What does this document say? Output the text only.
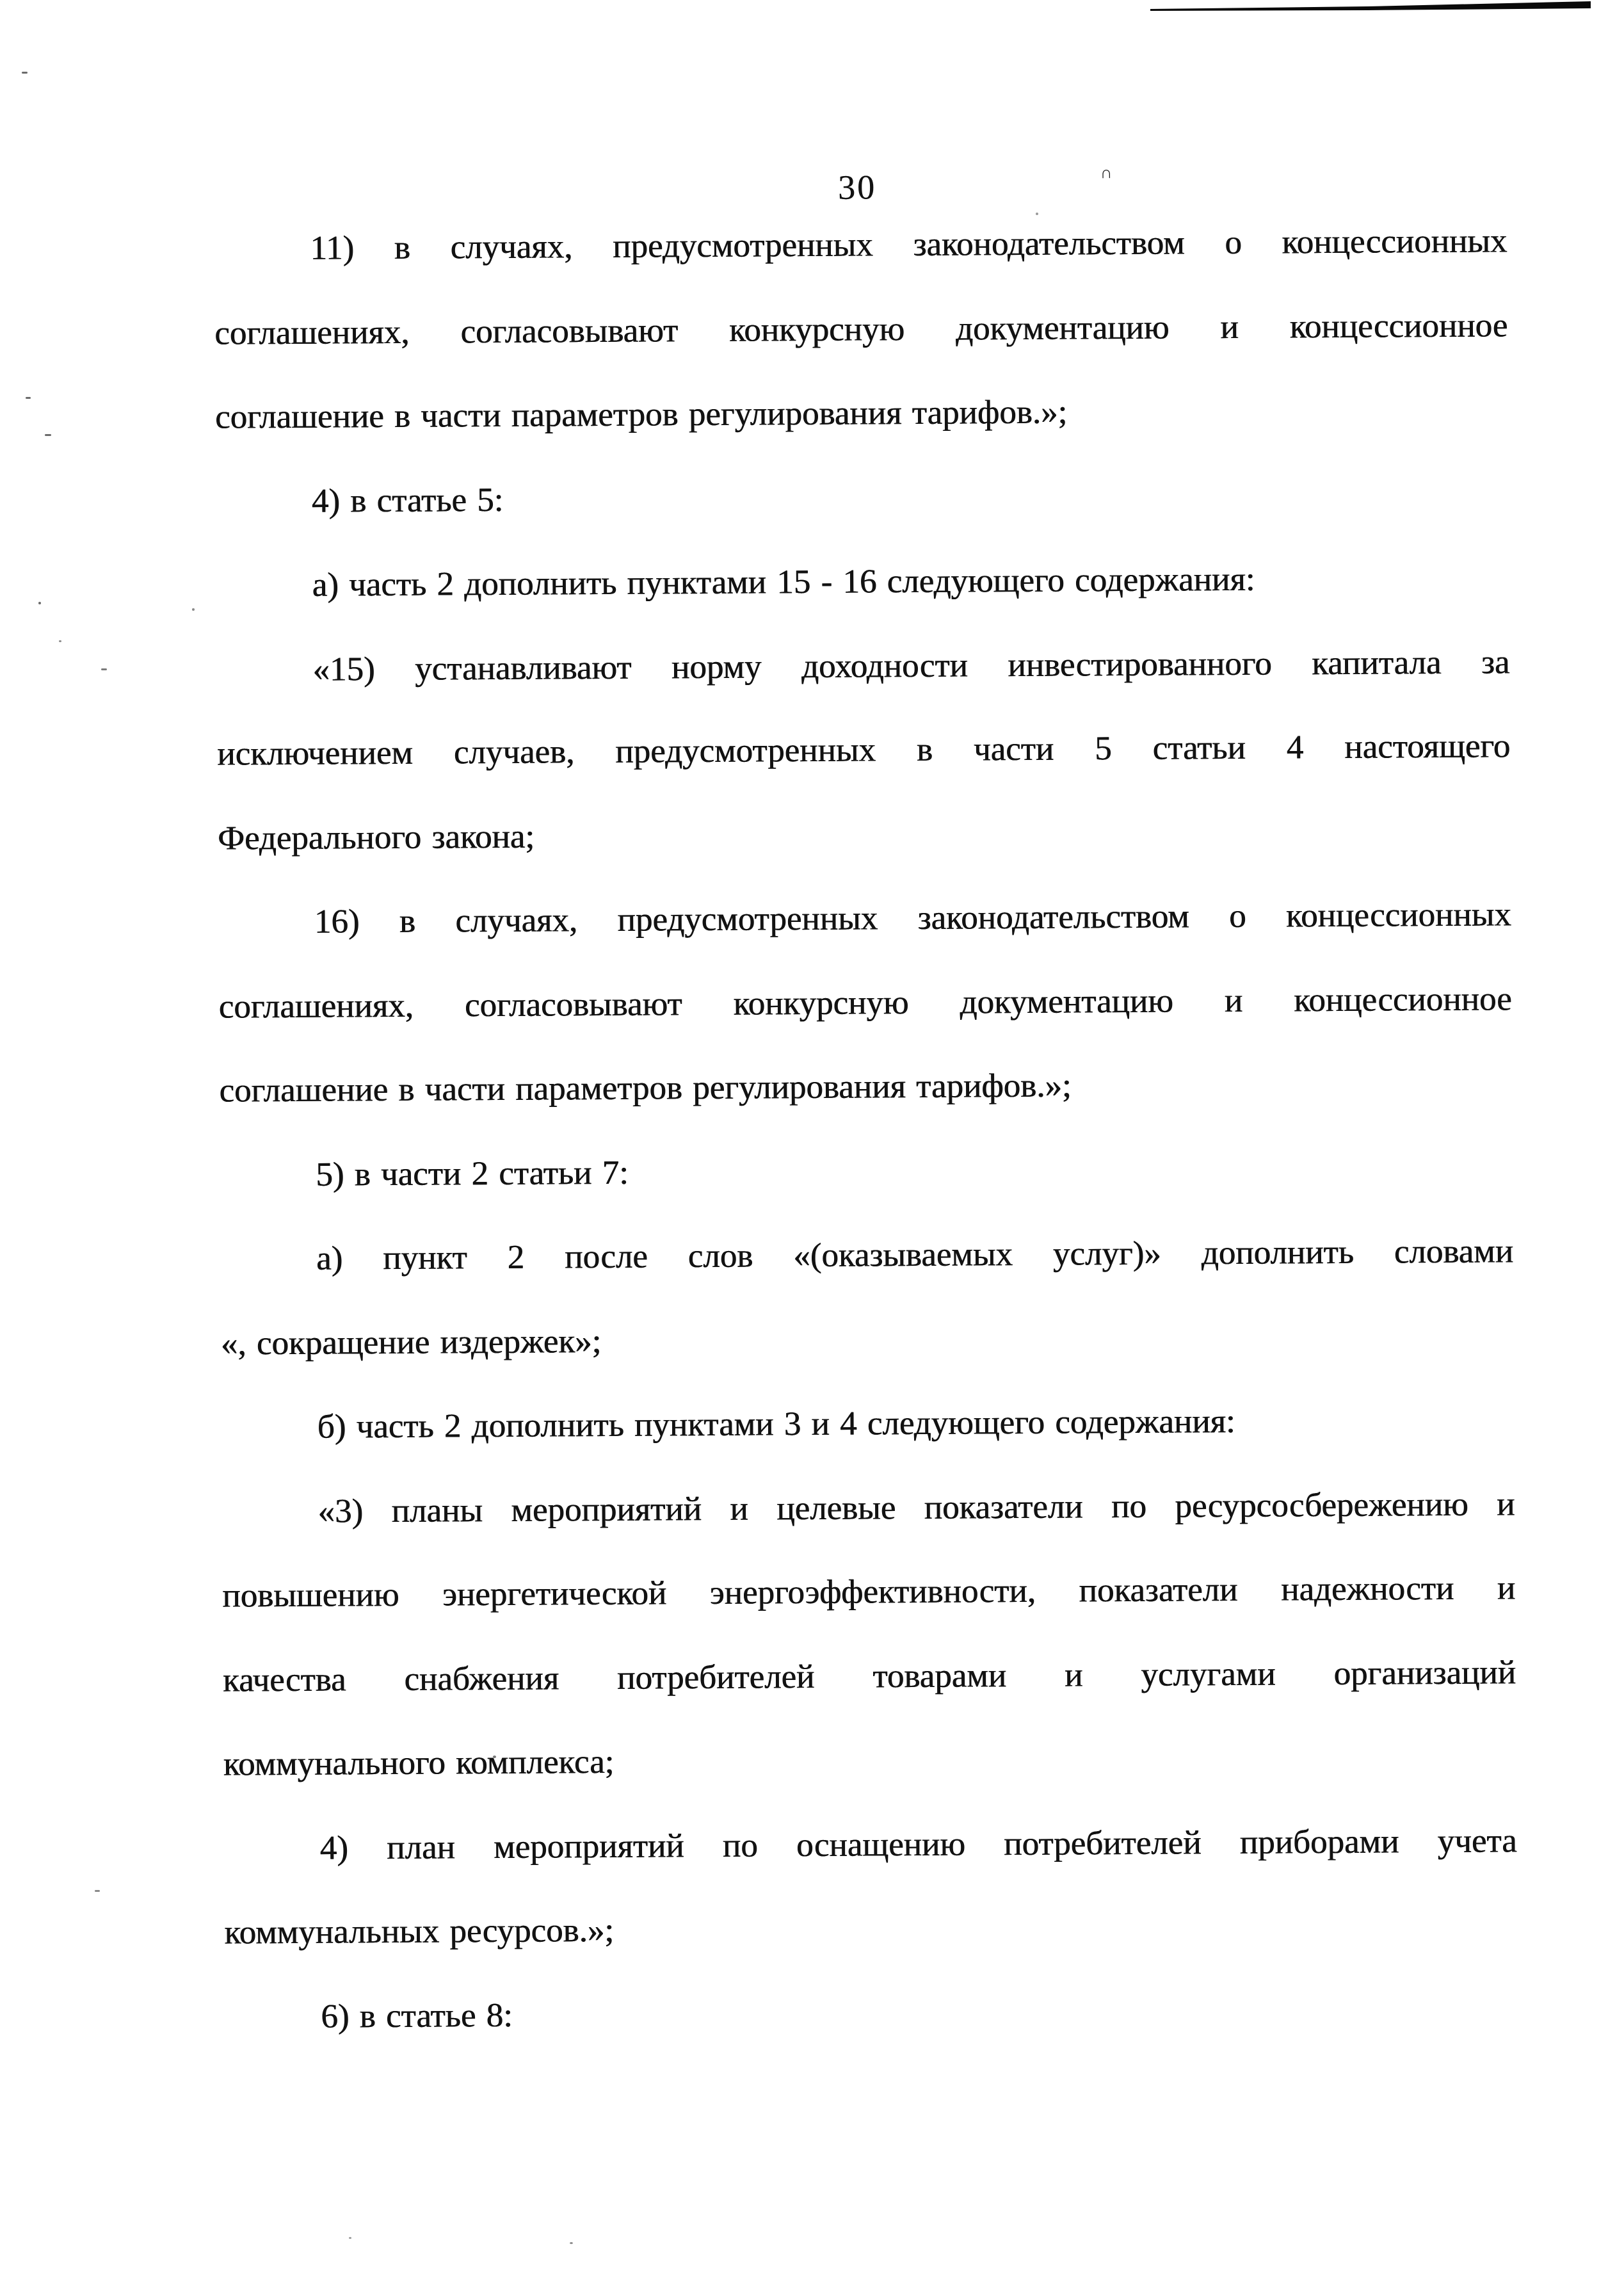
30	∩
11) в случаях, предусмотренных законодательством о концессионных
соглашениях, согласовывают конкурсную документацию и концессионное
соглашение в части параметров регулирования тарифов.»;
4) в статье 5:
а) часть 2 дополнить пунктами 15 - 16 следующего содержания:
«15) устанавливают норму доходности инвестированного капитала за
исключением случаев, предусмотренных в части 5 статьи 4 настоящего
Федерального закона;
16) в случаях, предусмотренных законодательством о концессионных
соглашениях, согласовывают конкурсную документацию и концессионное
соглашение в части параметров регулирования тарифов.»;
5) в части 2 статьи 7:
а) пункт 2 после слов «(оказываемых услуг)» дополнить словами
«, сокращение издержек»;
б) часть 2 дополнить пунктами 3 и 4 следующего содержания:
«3) планы мероприятий и целевые показатели по ресурсосбережению и
повышению энергетической энергоэффективности, показатели надежности и
качества снабжения потребителей товарами и услугами организаций
коммунального комплекса;
4) план мероприятий по оснащению потребителей приборами учета
коммунальных ресурсов.»;
6) в статье 8:
